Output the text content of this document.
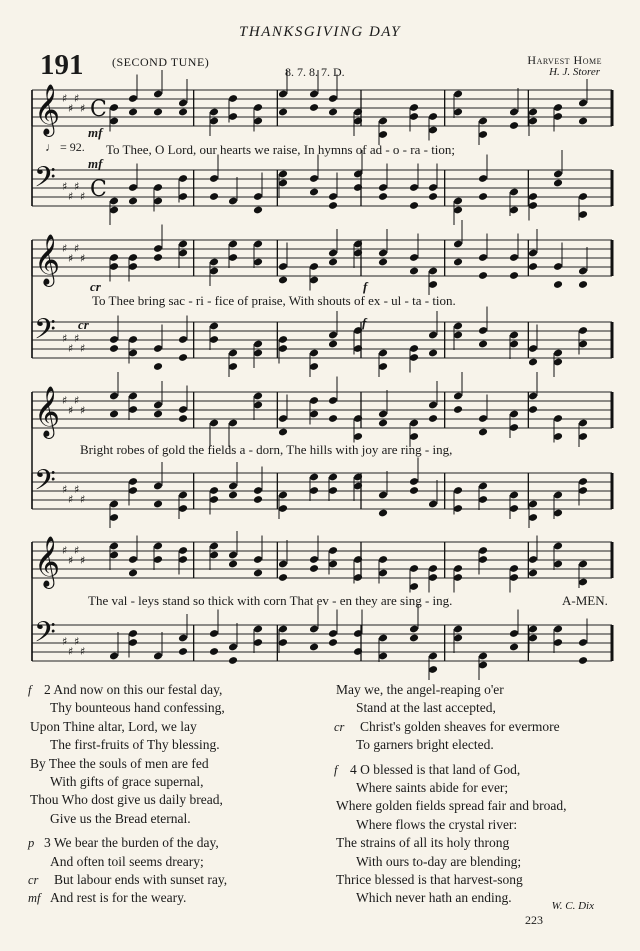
THANKSGIVING DAY
191 (SECOND TUNE)
8. 7. 8. 7. D.
Harvest Home
H. J. Storer
𝄞 ♯
♯
♯
♯ C
𝄢 ♯
♯
♯
♯ C
𝄞 ♯
♯
♯
♯
𝄢 ♯
♯
♯
♯
𝄞 ♯
♯
♯
♯
𝄢 ♯
♯
♯
♯
𝄞 ♯
♯
♯
♯
𝄢 ♯
♯
♯
♯
♩ = 92.
mf
mf
To Thee, O Lord, our hearts we raise, In hymns of ad - o - ra - tion;
cr	f
To Thee bring sac - ri - fice of praise, With shouts of ex - ul - ta - tion.
cr	f
Bright robes of gold the fields a - dorn, The hills with joy are ring - ing,
The val - leys stand so thick with corn That ev - en they are sing - ing.	A-MEN.
f 2 And now on this our festal day,
Thy bounteous hand confessing,
Upon Thine altar, Lord, we lay
The first-fruits of Thy blessing.
By Thee the souls of men are fed
With gifts of grace supernal,
Thou Who dost give us daily bread,
Give us the Bread eternal.

p 3 We bear the burden of the day,
And often toil seems dreary;
cr But labour ends with sunset ray,
mf And rest is for the weary.
May we, the angel-reaping o'er
Stand at the last accepted,
cr Christ's golden sheaves for evermore
To garners bright elected.

f 4 O blessed is that land of God,
Where saints abide for ever;
Where golden fields spread fair and broad,
Where flows the crystal river:
The strains of all its holy throng
With ours to-day are blending;
Thrice blessed is that harvest-song
Which never hath an ending.
W. C. Dix
223
